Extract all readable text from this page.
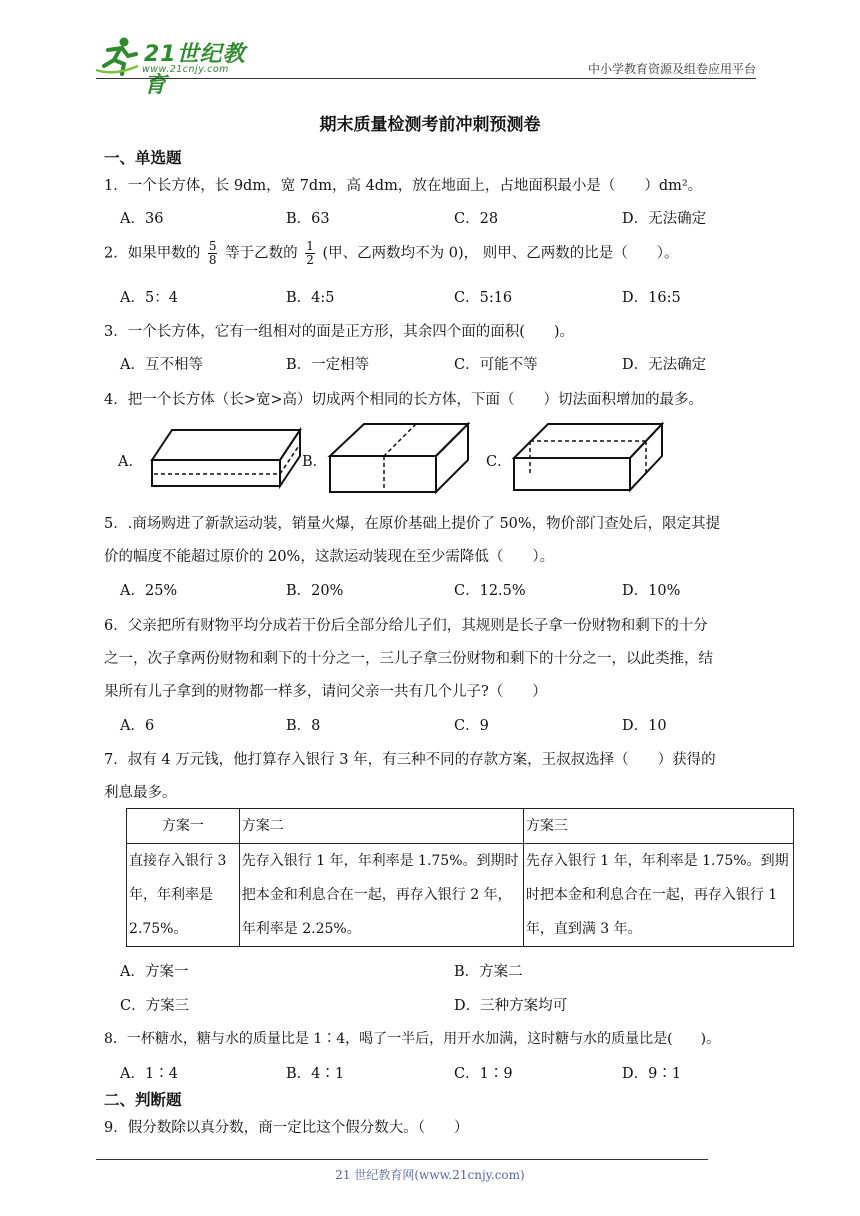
21世纪教育
www.21cnjy.com	中小学教育资源及组卷应用平台
期末质量检测考前冲刺预测卷
一、单选题
1．一个长方体，长 9dm，宽 7dm，高 4dm，放在地面上，占地面积最小是（　　）dm²。
A．36	B．63	C．28	D．无法确定
2．如果甲数的 $\frac{5}{8}$ 等于乙数的 $\frac{1}{2}$ (甲、乙两数均不为 0)， 则甲、乙两数的比是（　　）。
A．5：4	B．4:5	C．5:16	D．16:5
3．一个长方体，它有一组相对的面是正方形，其余四个面的面积(　　)。
A．互不相等	B．一定相等	C．可能不等	D．无法确定
4．把一个长方体（长>宽>高）切成两个相同的长方体，下面（　　）切法面积增加的最多。
A．	B．	C．
5．.商场购进了新款运动装，销量火爆，在原价基础上提价了 50%，物价部门查处后，限定其提
价的幅度不能超过原价的 20%，这款运动装现在至少需降低（　　）。
A．25%	B．20%	C．12.5%	D．10%
6．父亲把所有财物平均分成若干份后全部分给儿子们，其规则是长子拿一份财物和剩下的十分
之一，次子拿两份财物和剩下的十分之一，三儿子拿三份财物和剩下的十分之一，以此类推，结
果所有儿子拿到的财物都一样多，请问父亲一共有几个儿子?（　　）
A．6	B．8	C．9	D．10
7．叔有 4 万元钱，他打算存入银行 3 年，有三种不同的存款方案，王叔叔选择（　　）获得的
利息最多。
方案一	方案二	方案三
直接存入银行 3 年，年利率是 2.75%。	先存入银行 1 年，年利率是 1.75%。到期时把本金和利息合在一起，再存入银行 2 年，年利率是 2.25%。	先存入银行 1 年，年利率是 1.75%。到期时把本金和利息合在一起，再存入银行 1 年，直到满 3 年。
A．方案一	B．方案二
C．方案三	D．三种方案均可
8．一杯糖水，糖与水的质量比是 1∶4，喝了一半后，用开水加满，这时糖与水的质量比是(　　)。
A．1∶4	B．4∶1	C．1∶9	D．9∶1
二、判断题
9．假分数除以真分数，商一定比这个假分数大。（　　）
21 世纪教育网(www.21cnjy.com)
